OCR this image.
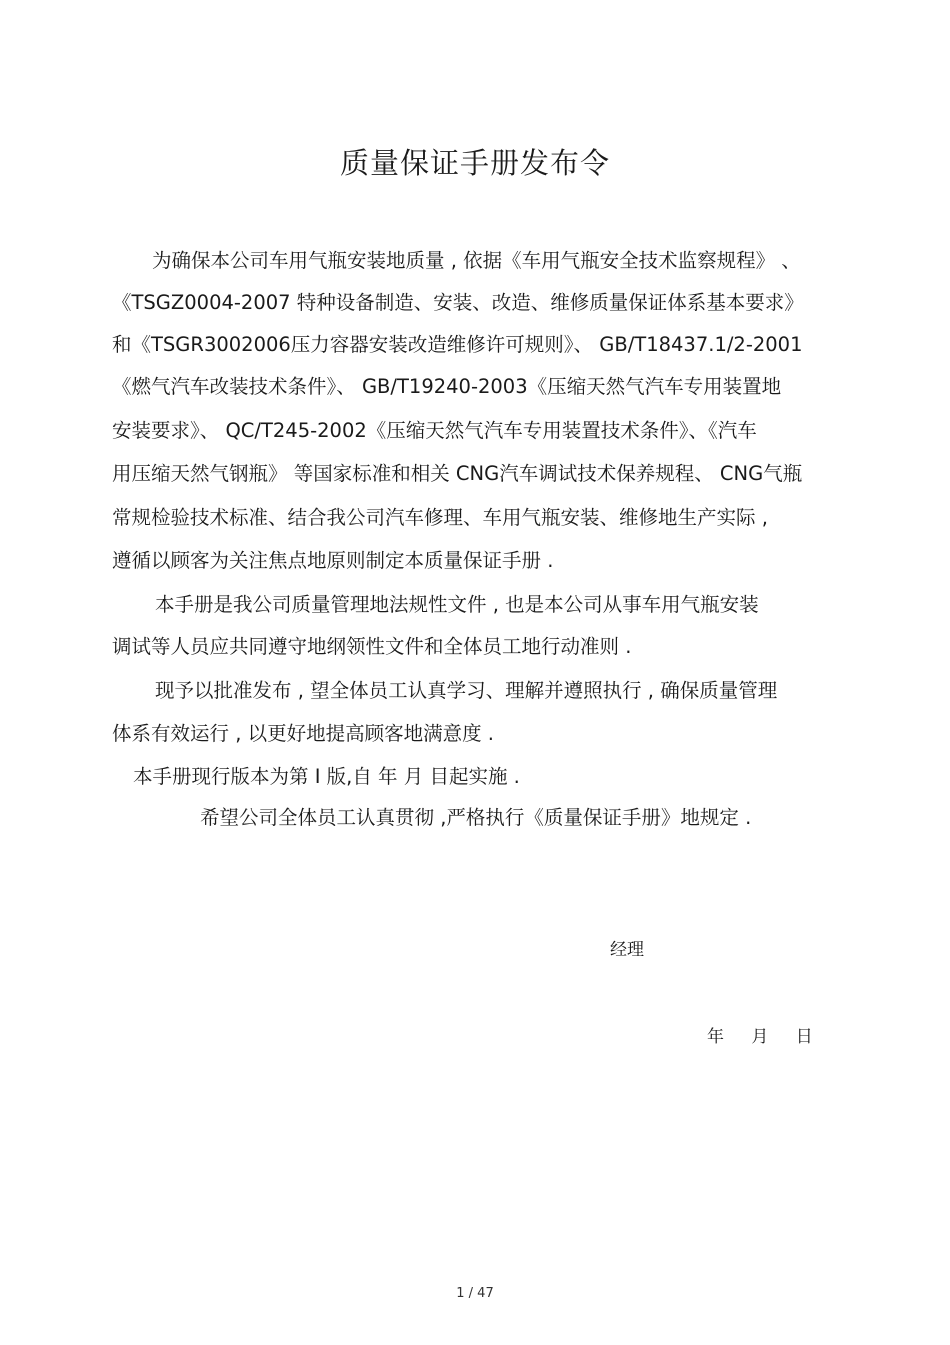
质量保证手册发布令
为确保本公司车用气瓶安装地质量 , 依据《车用气瓶安全技术监察规程》 、
《TSGZ0004-2007 特种设备制造、安装、改造、维修质量保证体系基本要求》
和《TSGR3002006压力容器安装改造维修许可规则》、 GB/T18437.1/2-2001
《燃气汽车改装技术条件》、 GB/T19240-2003《压缩天然气汽车专用装置地
安装要求》、 QC/T245-2002《压缩天然气汽车专用装置技术条件》、《汽车
用压缩天然气钢瓶》 等国家标准和相关 CNG汽车调试技术保养规程、 CNG气瓶
常规检验技术标准、结合我公司汽车修理、车用气瓶安装、维修地生产实际 ,
遵循以顾客为关注焦点地原则制定本质量保证手册 .
本手册是我公司质量管理地法规性文件 , 也是本公司从事车用气瓶安装
调试等人员应共同遵守地纲领性文件和全体员工地行动准则 .
现予以批准发布 , 望全体员工认真学习、理解并遵照执行 , 确保质量管理
体系有效运行 , 以更好地提高顾客地满意度 .
本手册现行版本为第 I 版,自 年 月 目起实施 .
希望公司全体员工认真贯彻 ,严格执行《质量保证手册》地规定 .
经理
年 月 日
1 / 47
